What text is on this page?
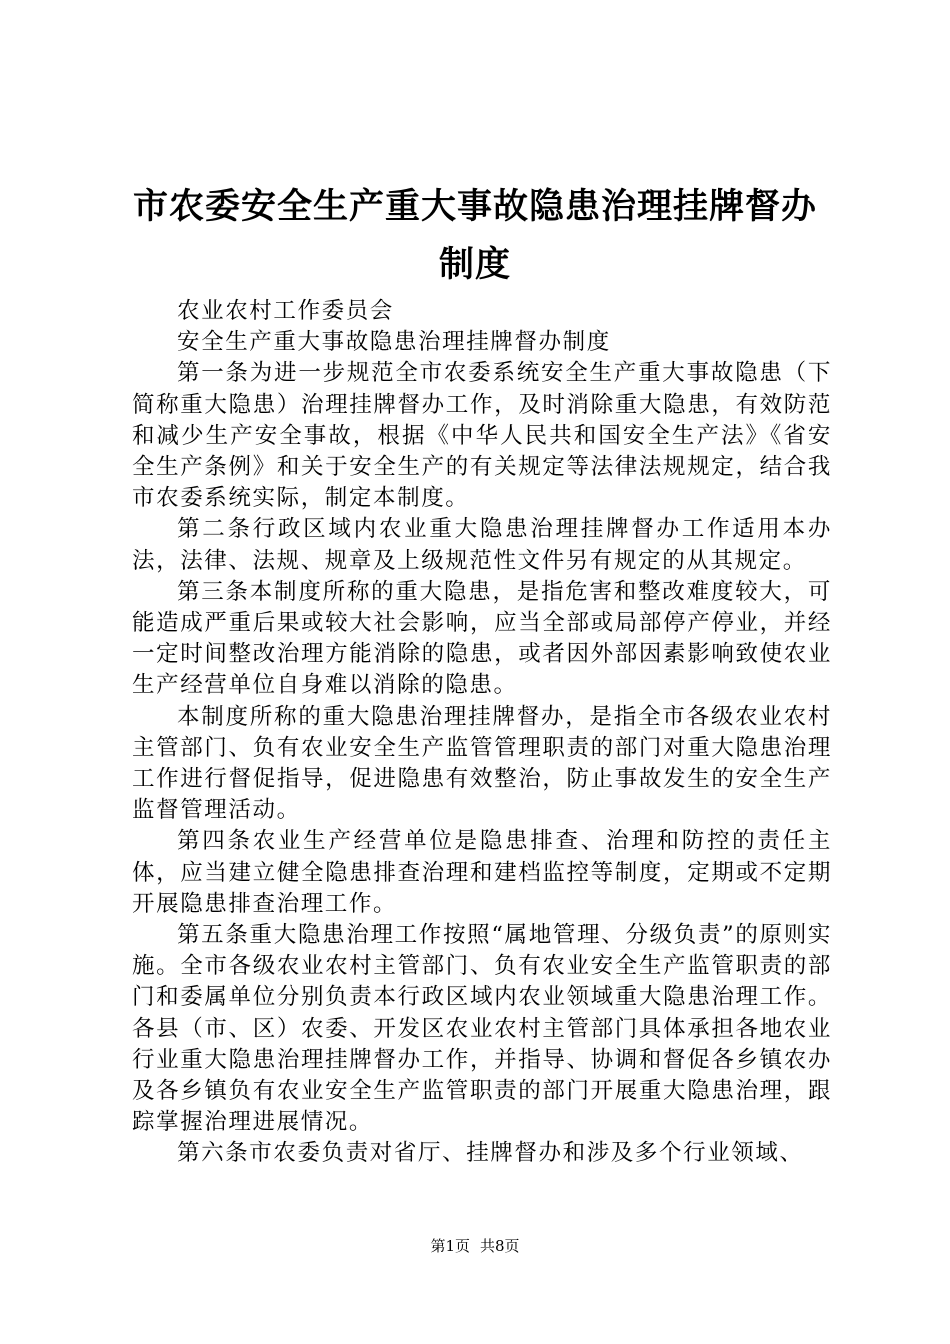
市农委安全生产重大事故隐患治理挂牌督办制度

农业农村工作委员会

安全生产重大事故隐患治理挂牌督办制度

第一条为进一步规范全市农委系统安全生产重大事故隐患（下简称重大隐患）治理挂牌督办工作，及时消除重大隐患，有效防范和减少生产安全事故，根据《中华人民共和国安全生产法》《省安全生产条例》和关于安全生产的有关规定等法律法规规定，结合我市农委系统实际，制定本制度。

第二条行政区域内农业重大隐患治理挂牌督办工作适用本办法，法律、法规、规章及上级规范性文件另有规定的从其规定。

第三条本制度所称的重大隐患，是指危害和整改难度较大，可能造成严重后果或较大社会影响，应当全部或局部停产停业，并经一定时间整改治理方能消除的隐患，或者因外部因素影响致使农业生产经营单位自身难以消除的隐患。

本制度所称的重大隐患治理挂牌督办，是指全市各级农业农村主管部门、负有农业安全生产监管管理职责的部门对重大隐患治理工作进行督促指导，促进隐患有效整治，防止事故发生的安全生产监督管理活动。

第四条农业生产经营单位是隐患排查、治理和防控的责任主体，应当建立健全隐患排查治理和建档监控等制度，定期或不定期开展隐患排查治理工作。

第五条重大隐患治理工作按照“属地管理、分级负责”的原则实施。全市各级农业农村主管部门、负有农业安全生产监管职责的部门和委属单位分别负责本行政区域内农业领域重大隐患治理工作。各县（市、区）农委、开发区农业农村主管部门具体承担各地农业行业重大隐患治理挂牌督办工作，并指导、协调和督促各乡镇农办及各乡镇负有农业安全生产监管职责的部门开展重大隐患治理，跟踪掌握治理进展情况。

第六条市农委负责对省厅、挂牌督办和涉及多个行业领域、

第1页 共8页
